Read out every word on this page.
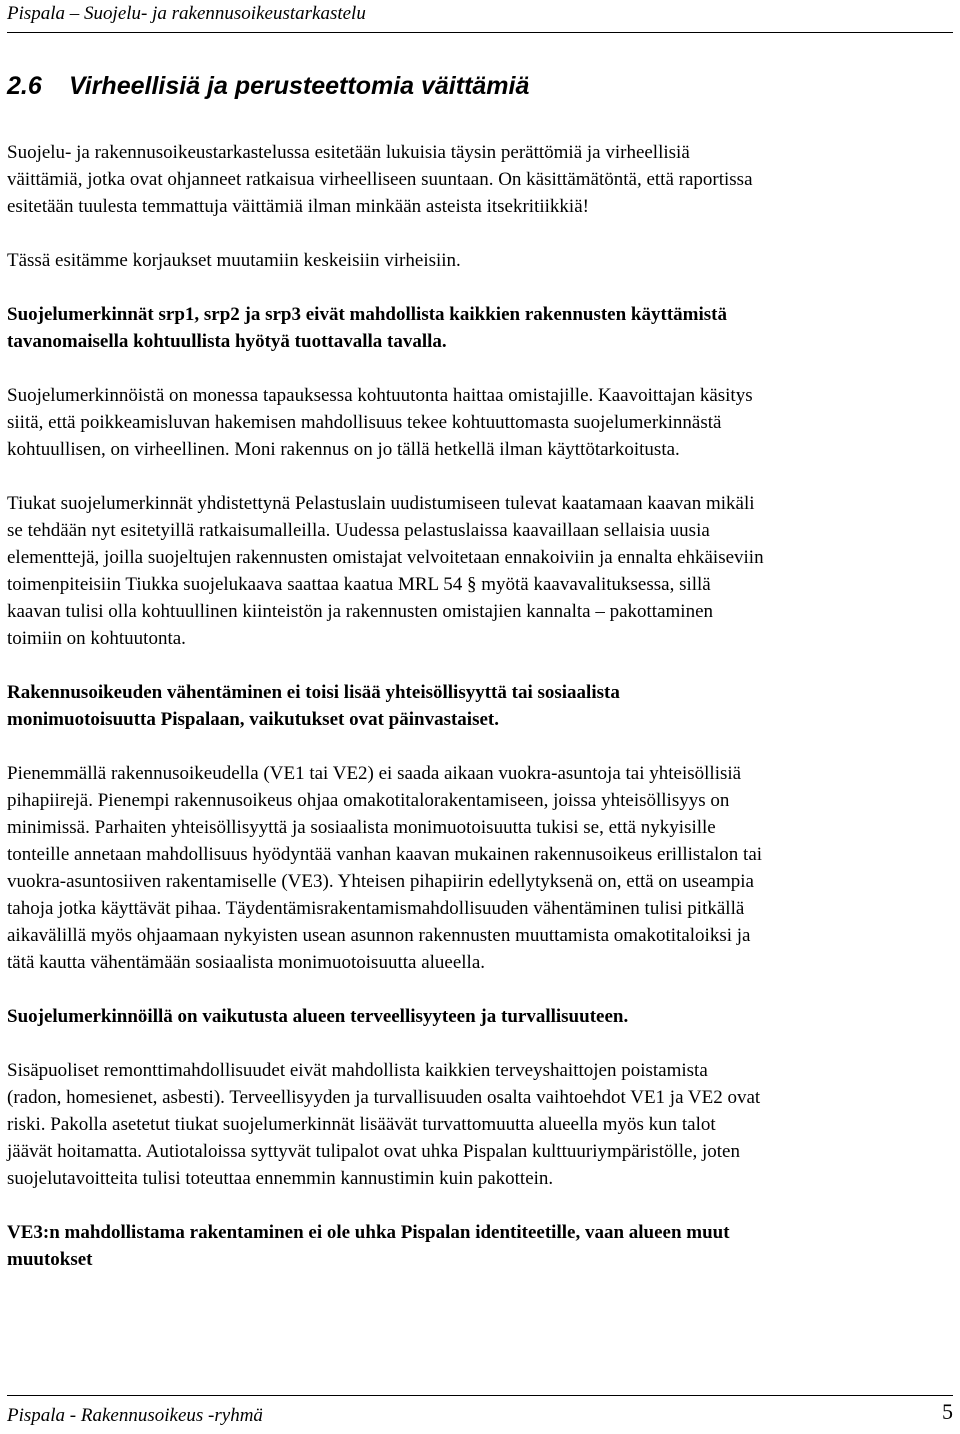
Pispala – Suojelu- ja rakennusoikeustarkastelu
2.6 Virheellisiä ja perusteettomia väittämiä

Suojelu- ja rakennusoikeustarkastelussa esitetään lukuisia täysin perättömiä ja virheellisiä
väittämiä, jotka ovat ohjanneet ratkaisua virheelliseen suuntaan. On käsittämätöntä, että raportissa
esitetään tuulesta temmattuja väittämiä ilman minkään asteista itsekritiikkiä!

Tässä esitämme korjaukset muutamiin keskeisiin virheisiin.

Suojelumerkinnät srp1, srp2 ja srp3 eivät mahdollista kaikkien rakennusten käyttämistä
tavanomaisella kohtuullista hyötyä tuottavalla tavalla.

Suojelumerkinnöistä on monessa tapauksessa kohtuutonta haittaa omistajille. Kaavoittajan käsitys
siitä, että poikkeamisluvan hakemisen mahdollisuus tekee kohtuuttomasta suojelumerkinnästä
kohtuullisen, on virheellinen. Moni rakennus on jo tällä hetkellä ilman käyttötarkoitusta.

Tiukat suojelumerkinnät yhdistettynä Pelastuslain uudistumiseen tulevat kaatamaan kaavan mikäli
se tehdään nyt esitetyillä ratkaisumalleilla. Uudessa pelastuslaissa kaavaillaan sellaisia uusia
elementtejä, joilla suojeltujen rakennusten omistajat velvoitetaan ennakoiviin ja ennalta ehkäiseviin
toimenpiteisiin Tiukka suojelukaava saattaa kaatua MRL 54 § myötä kaavavalituksessa, sillä
kaavan tulisi olla kohtuullinen kiinteistön ja rakennusten omistajien kannalta – pakottaminen
toimiin on kohtuutonta.

Rakennusoikeuden vähentäminen ei toisi lisää yhteisöllisyyttä tai sosiaalista
monimuotoisuutta Pispalaan, vaikutukset ovat päinvastaiset.

Pienemmällä rakennusoikeudella (VE1 tai VE2) ei saada aikaan vuokra-asuntoja tai yhteisöllisiä
pihapiirejä. Pienempi rakennusoikeus ohjaa omakotitalorakentamiseen, joissa yhteisöllisyys on
minimissä. Parhaiten yhteisöllisyyttä ja sosiaalista monimuotoisuutta tukisi se, että nykyisille
tonteille annetaan mahdollisuus hyödyntää vanhan kaavan mukainen rakennusoikeus erillistalon tai
vuokra-asuntosiiven rakentamiselle (VE3). Yhteisen pihapiirin edellytyksenä on, että on useampia
tahoja jotka käyttävät pihaa. Täydentämisrakentamismahdollisuuden vähentäminen tulisi pitkällä
aikavälillä myös ohjaamaan nykyisten usean asunnon rakennusten muuttamista omakotitaloiksi ja
tätä kautta vähentämään sosiaalista monimuotoisuutta alueella.

Suojelumerkinnöillä on vaikutusta alueen terveellisyyteen ja turvallisuuteen.

Sisäpuoliset remonttimahdollisuudet eivät mahdollista kaikkien terveyshaittojen poistamista
(radon, homesienet, asbesti). Terveellisyyden ja turvallisuuden osalta vaihtoehdot VE1 ja VE2 ovat
riski. Pakolla asetetut tiukat suojelumerkinnät lisäävät turvattomuutta alueella myös kun talot
jäävät hoitamatta. Autiotaloissa syttyvät tulipalot ovat uhka Pispalan kulttuuriympäristölle, joten
suojelutavoitteita tulisi toteuttaa ennemmin kannustimin kuin pakottein.

VE3:n mahdollistama rakentaminen ei ole uhka Pispalan identiteetille, vaan alueen muut
muutokset

Pispala - Rakennusoikeus -ryhmä	5
